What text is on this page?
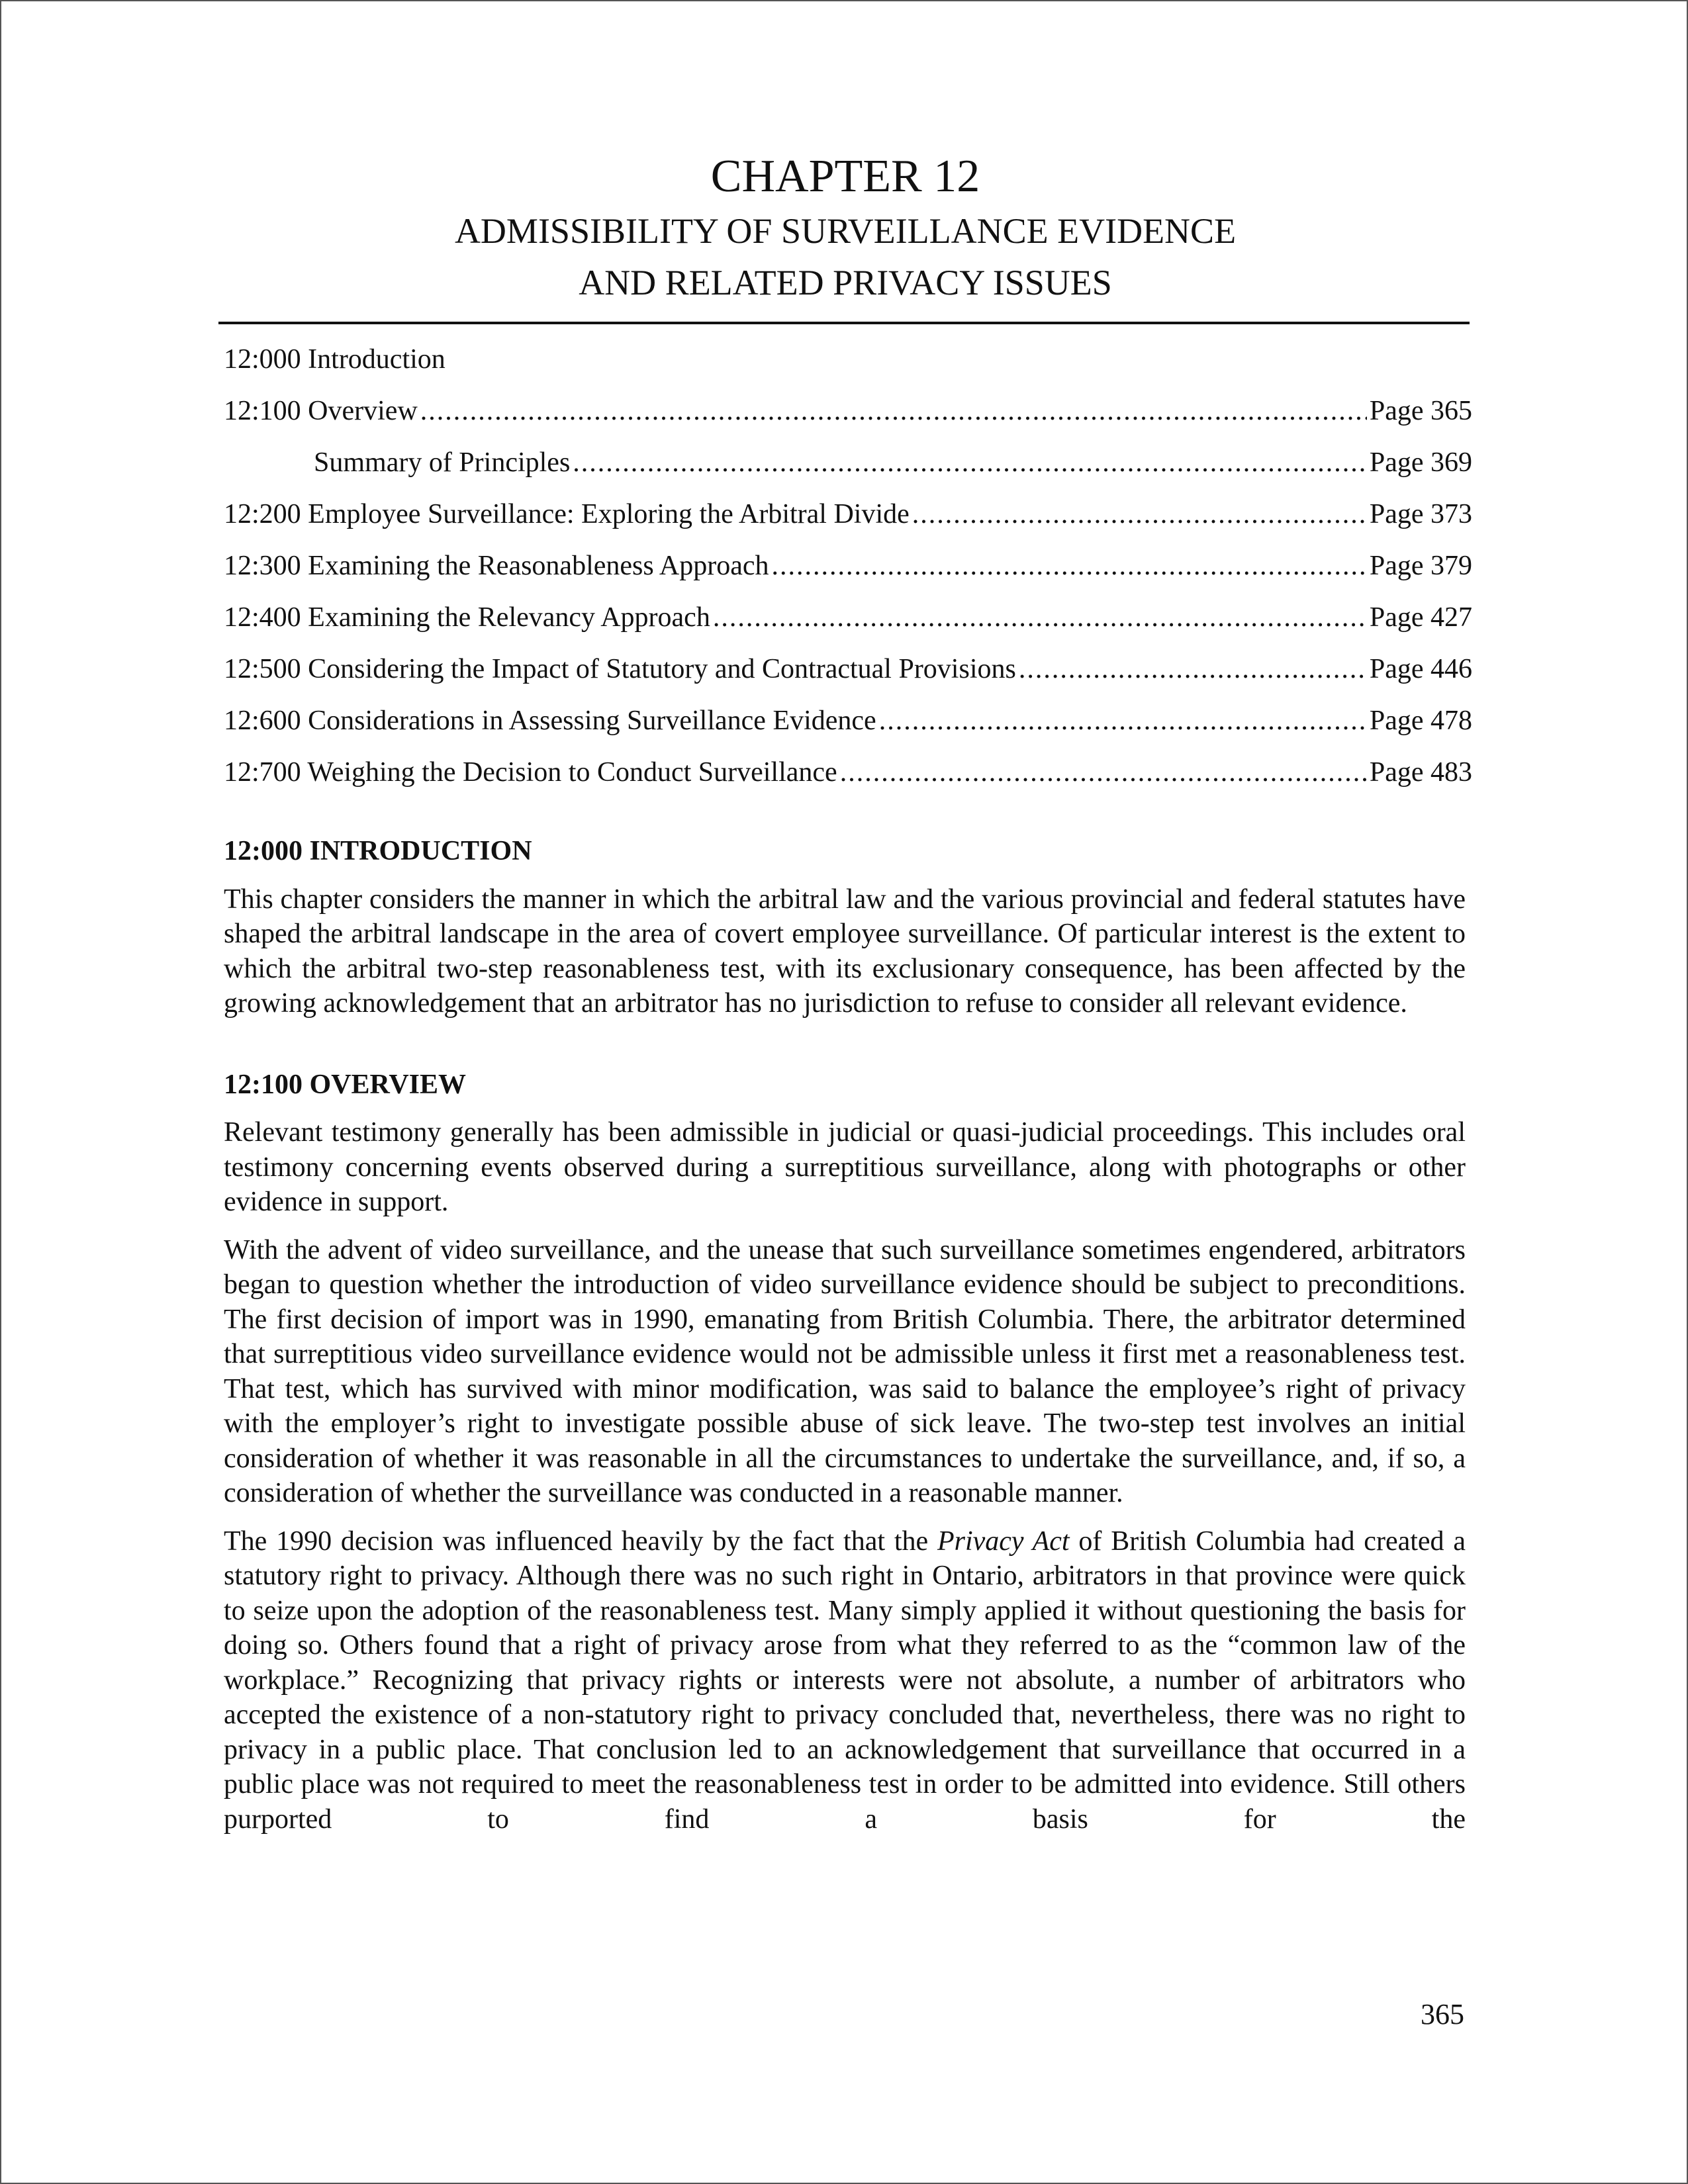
CHAPTER 12
ADMISSIBILITY OF SURVEILLANCE EVIDENCE
AND RELATED PRIVACY ISSUES
12:000 Introduction
12:100 Overview .....	Page 365
Summary of Principles .....	Page 369
12:200 Employee Surveillance: Exploring the Arbitral Divide .....	Page 373
12:300 Examining the Reasonableness Approach .....	Page 379
12:400 Examining the Relevancy Approach .....	Page 427
12:500 Considering the Impact of Statutory and Contractual Provisions .....	Page 446
12:600 Considerations in Assessing Surveillance Evidence .....	Page 478
12:700 Weighing the Decision to Conduct Surveillance .....	Page 483
12:000 INTRODUCTION

This chapter considers the manner in which the arbitral law and the various provincial and federal statutes have shaped the arbitral landscape in the area of covert employee surveillance. Of particular interest is the extent to which the arbitral two-step reasonableness test, with its exclusionary consequence, has been affected by the growing acknowledgement that an arbitrator has no jurisdiction to refuse to consider all relevant evidence.

12:100 OVERVIEW

Relevant testimony generally has been admissible in judicial or quasi-judicial proceedings. This includes oral testimony concerning events observed during a surreptitious surveillance, along with photographs or other evidence in support.

With the advent of video surveillance, and the unease that such surveillance sometimes engendered, arbitrators began to question whether the introduction of video surveillance evidence should be subject to preconditions. The first decision of import was in 1990, emanating from British Columbia. There, the arbitrator determined that surreptitious video surveillance evidence would not be admissible unless it first met a reasonableness test. That test, which has survived with minor modification, was said to balance the employee’s right of privacy with the employer’s right to investigate possible abuse of sick leave. The two-step test involves an initial consideration of whether it was reasonable in all the circumstances to undertake the surveillance, and, if so, a consideration of whether the surveillance was conducted in a reasonable manner.

The 1990 decision was influenced heavily by the fact that the Privacy Act of British Columbia had created a statutory right to privacy. Although there was no such right in Ontario, arbitrators in that province were quick to seize upon the adoption of the reasonableness test. Many simply applied it without questioning the basis for doing so. Others found that a right of privacy arose from what they referred to as the “common law of the workplace.” Recognizing that privacy rights or interests were not absolute, a number of arbitrators who accepted the existence of a non-statutory right to privacy concluded that, nevertheless, there was no right to privacy in a public place. That conclusion led to an acknowledgement that surveillance that occurred in a public place was not required to meet the reasonableness test in order to be admitted into evidence. Still others purported to find a basis for the

365
